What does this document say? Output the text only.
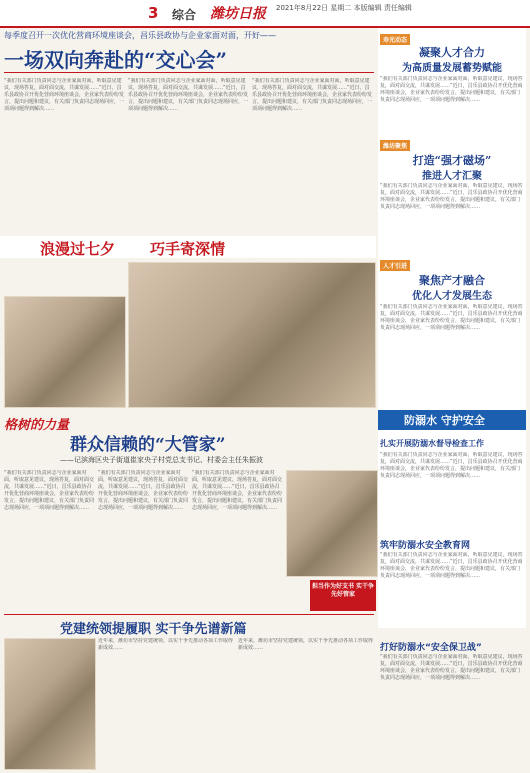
3 综合 潍坊日报 2021年8月22日 星期二 本版编辑 责任编辑
每季度召开一次优化营商环境座谈会，昌乐县政协与企业家面对面，开好——
一场双向奔赴的“交心会”
“我们有关部门负责同志与企业家面对面，听取意见建议，现场答复，面对面交流，共谋发展……”近日，昌乐县政协召开优化营商环境座谈会，企业家代表纷纷发言，提出问题和建议，有关部门负责同志现场回应，一项项问题得到解决……
“我们有关部门负责同志与企业家面对面，听取意见建议，现场答复，面对面交流，共谋发展……”近日，昌乐县政协召开优化营商环境座谈会，企业家代表纷纷发言，提出问题和建议，有关部门负责同志现场回应，一项项问题得到解决……
“我们有关部门负责同志与企业家面对面，听取意见建议，现场答复，面对面交流，共谋发展……”近日，昌乐县政协召开优化营商环境座谈会，企业家代表纷纷发言，提出问题和建议，有关部门负责同志现场回应，一项项问题得到解决……
浪漫过七夕 巧手寄深情
格树的力量
群众信赖的“大管家”
——记滨海区央子街道崔家央子村党总支书记、村委会主任朱振波
“我们有关部门负责同志与企业家面对面，听取意见建议，现场答复，面对面交流，共谋发展……”近日，昌乐县政协召开优化营商环境座谈会，企业家代表纷纷发言，提出问题和建议，有关部门负责同志现场回应，一项项问题得到解决……
“我们有关部门负责同志与企业家面对面，听取意见建议，现场答复，面对面交流，共谋发展……”近日，昌乐县政协召开优化营商环境座谈会，企业家代表纷纷发言，提出问题和建议，有关部门负责同志现场回应，一项项问题得到解决……
“我们有关部门负责同志与企业家面对面，听取意见建议，现场答复，面对面交流，共谋发展……”近日，昌乐县政协召开优化营商环境座谈会，企业家代表纷纷发言，提出问题和建议，有关部门负责同志现场回应，一项项问题得到解决……
担当作为好支书 实干争先好管家
党建统领提履职 实干争先谱新篇
近年来，潍坊市坚持党建统领，以实干争先推动各项工作取得新成效……
近年来，潍坊市坚持党建统领，以实干争先推动各项工作取得新成效……
寿光动态
凝聚人才合力
为高质量发展蓄势赋能
“我们有关部门负责同志与企业家面对面，听取意见建议，现场答复，面对面交流，共谋发展……”近日，昌乐县政协召开优化营商环境座谈会，企业家代表纷纷发言，提出问题和建议，有关部门负责同志现场回应，一项项问题得到解决……
潍坊聚焦
打造“强才磁场”
推进人才汇聚
“我们有关部门负责同志与企业家面对面，听取意见建议，现场答复，面对面交流，共谋发展……”近日，昌乐县政协召开优化营商环境座谈会，企业家代表纷纷发言，提出问题和建议，有关部门负责同志现场回应，一项项问题得到解决……
人才引进
聚焦产才融合
优化人才发展生态
“我们有关部门负责同志与企业家面对面，听取意见建议，现场答复，面对面交流，共谋发展……”近日，昌乐县政协召开优化营商环境座谈会，企业家代表纷纷发言，提出问题和建议，有关部门负责同志现场回应，一项项问题得到解决……
防溺水 守护安全
扎实开展防溺水督导检查工作
“我们有关部门负责同志与企业家面对面，听取意见建议，现场答复，面对面交流，共谋发展……”近日，昌乐县政协召开优化营商环境座谈会，企业家代表纷纷发言，提出问题和建议，有关部门负责同志现场回应，一项项问题得到解决……
筑牢防溺水安全教育网
“我们有关部门负责同志与企业家面对面，听取意见建议，现场答复，面对面交流，共谋发展……”近日，昌乐县政协召开优化营商环境座谈会，企业家代表纷纷发言，提出问题和建议，有关部门负责同志现场回应，一项项问题得到解决……
打好防溺水“安全保卫战”
“我们有关部门负责同志与企业家面对面，听取意见建议，现场答复，面对面交流，共谋发展……”近日，昌乐县政协召开优化营商环境座谈会，企业家代表纷纷发言，提出问题和建议，有关部门负责同志现场回应，一项项问题得到解决……
